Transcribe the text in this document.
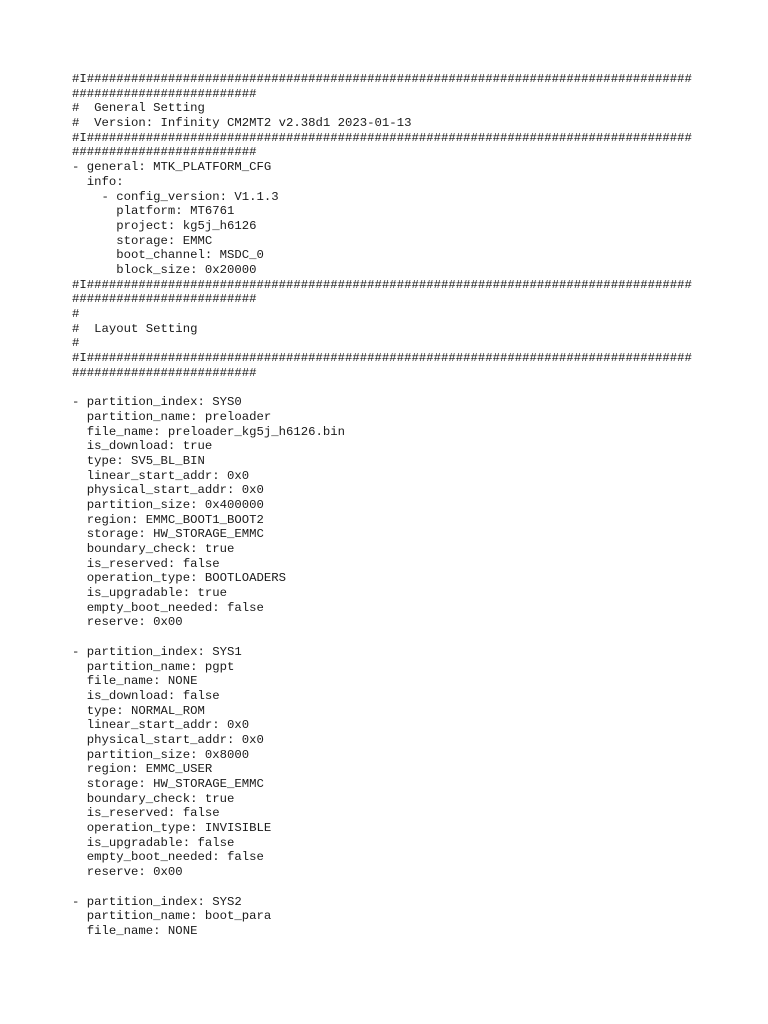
#I##################################################################################
#########################
#  General Setting
#  Version: Infinity CM2MT2 v2.38d1 2023-01-13
#I##################################################################################
#########################
- general: MTK_PLATFORM_CFG
info:
- config_version: V1.1.3
platform: MT6761
project: kg5j_h6126
storage: EMMC
boot_channel: MSDC_0
block_size: 0x20000
#I##################################################################################
#########################
#
#  Layout Setting
#
#I##################################################################################
#########################
- partition_index: SYS0
partition_name: preloader
file_name: preloader_kg5j_h6126.bin
is_download: true
type: SV5_BL_BIN
linear_start_addr: 0x0
physical_start_addr: 0x0
partition_size: 0x400000
region: EMMC_BOOT1_BOOT2
storage: HW_STORAGE_EMMC
boundary_check: true
is_reserved: false
operation_type: BOOTLOADERS
is_upgradable: true
empty_boot_needed: false
reserve: 0x00
- partition_index: SYS1
partition_name: pgpt
file_name: NONE
is_download: false
type: NORMAL_ROM
linear_start_addr: 0x0
physical_start_addr: 0x0
partition_size: 0x8000
region: EMMC_USER
storage: HW_STORAGE_EMMC
boundary_check: true
is_reserved: false
operation_type: INVISIBLE
is_upgradable: false
empty_boot_needed: false
reserve: 0x00
- partition_index: SYS2
partition_name: boot_para
file_name: NONE
